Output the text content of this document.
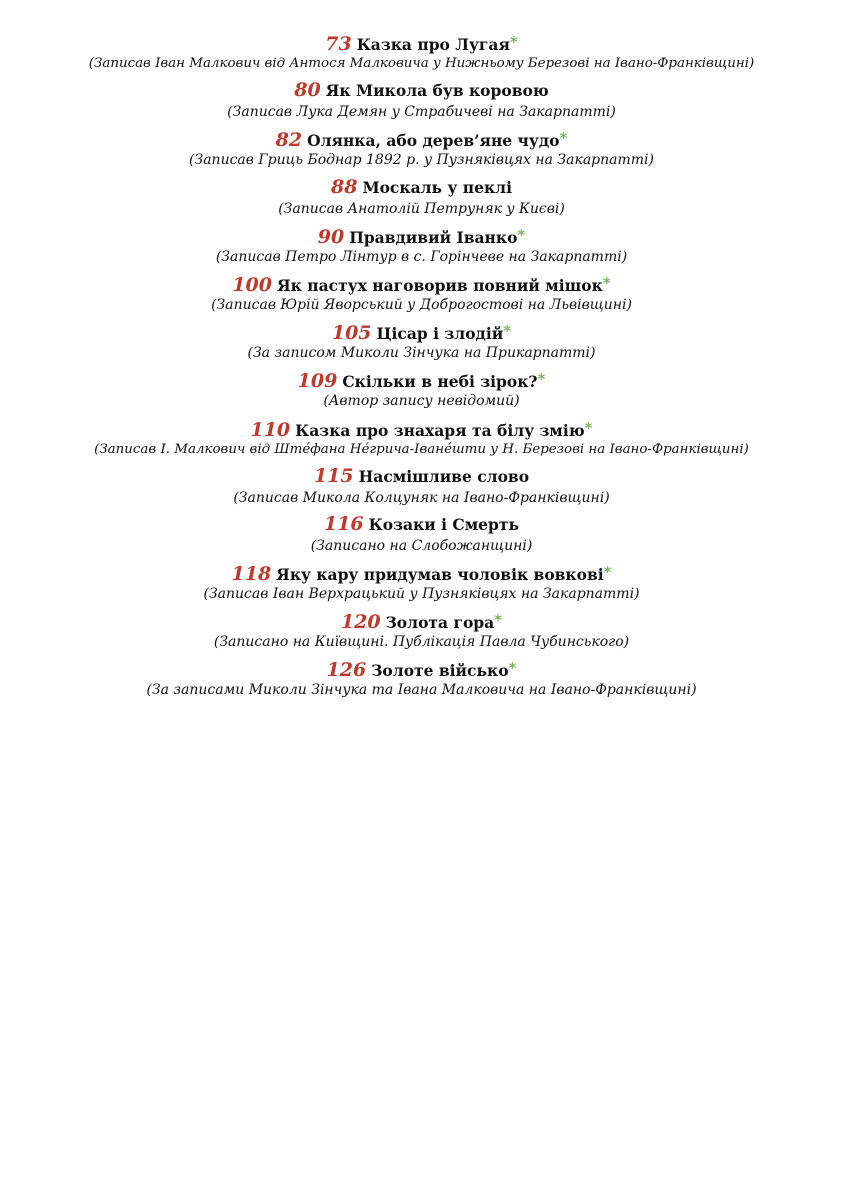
73 Казка про Лугая*
(Записав Іван Малкович від Антося Малковича у Нижньому Березові на Івано-Франківщині)
80 Як Микола був коровою
(Записав Лука Демян у Страбичеві на Закарпатті)
82 Олянка, або дерев’яне чудо*
(Записав Гриць Боднар 1892 р. у Пузняківцях на Закарпатті)
88 Москаль у пеклі
(Записав Анатолій Петруняк у Києві)
90 Правдивий Іванко*
(Записав Петро Лінтур в с. Горінчеве на Закарпатті)
100 Як пастух наговорив повний мішок*
(Записав Юрій Яворський у Доброгостові на Львівщині)
105 Цісар і злодій*
(За записом Миколи Зінчука на Прикарпатті)
109 Скільки в небі зірок?*
(Автор запису невідомий)
110 Казка про знахаря та білу змію*
(Записав І. Малкович від Штéфана Нéгрича-Іванéшти у Н. Березові на Івано-Франківщині)
115 Насмішливе слово
(Записав Микола Колцуняк на Івано-Франківщині)
116 Козаки і Смерть
(Записано на Слобожанщині)
118 Яку кару придумав чоловік вовкові*
(Записав Іван Верхрацький у Пузняківцях на Закарпатті)
120 Золота гора*
(Записано на Київщині. Публікація Павла Чубинського)
126 Золоте військо*
(За записами Миколи Зінчука та Івана Малковича на Івано-Франківщині)
